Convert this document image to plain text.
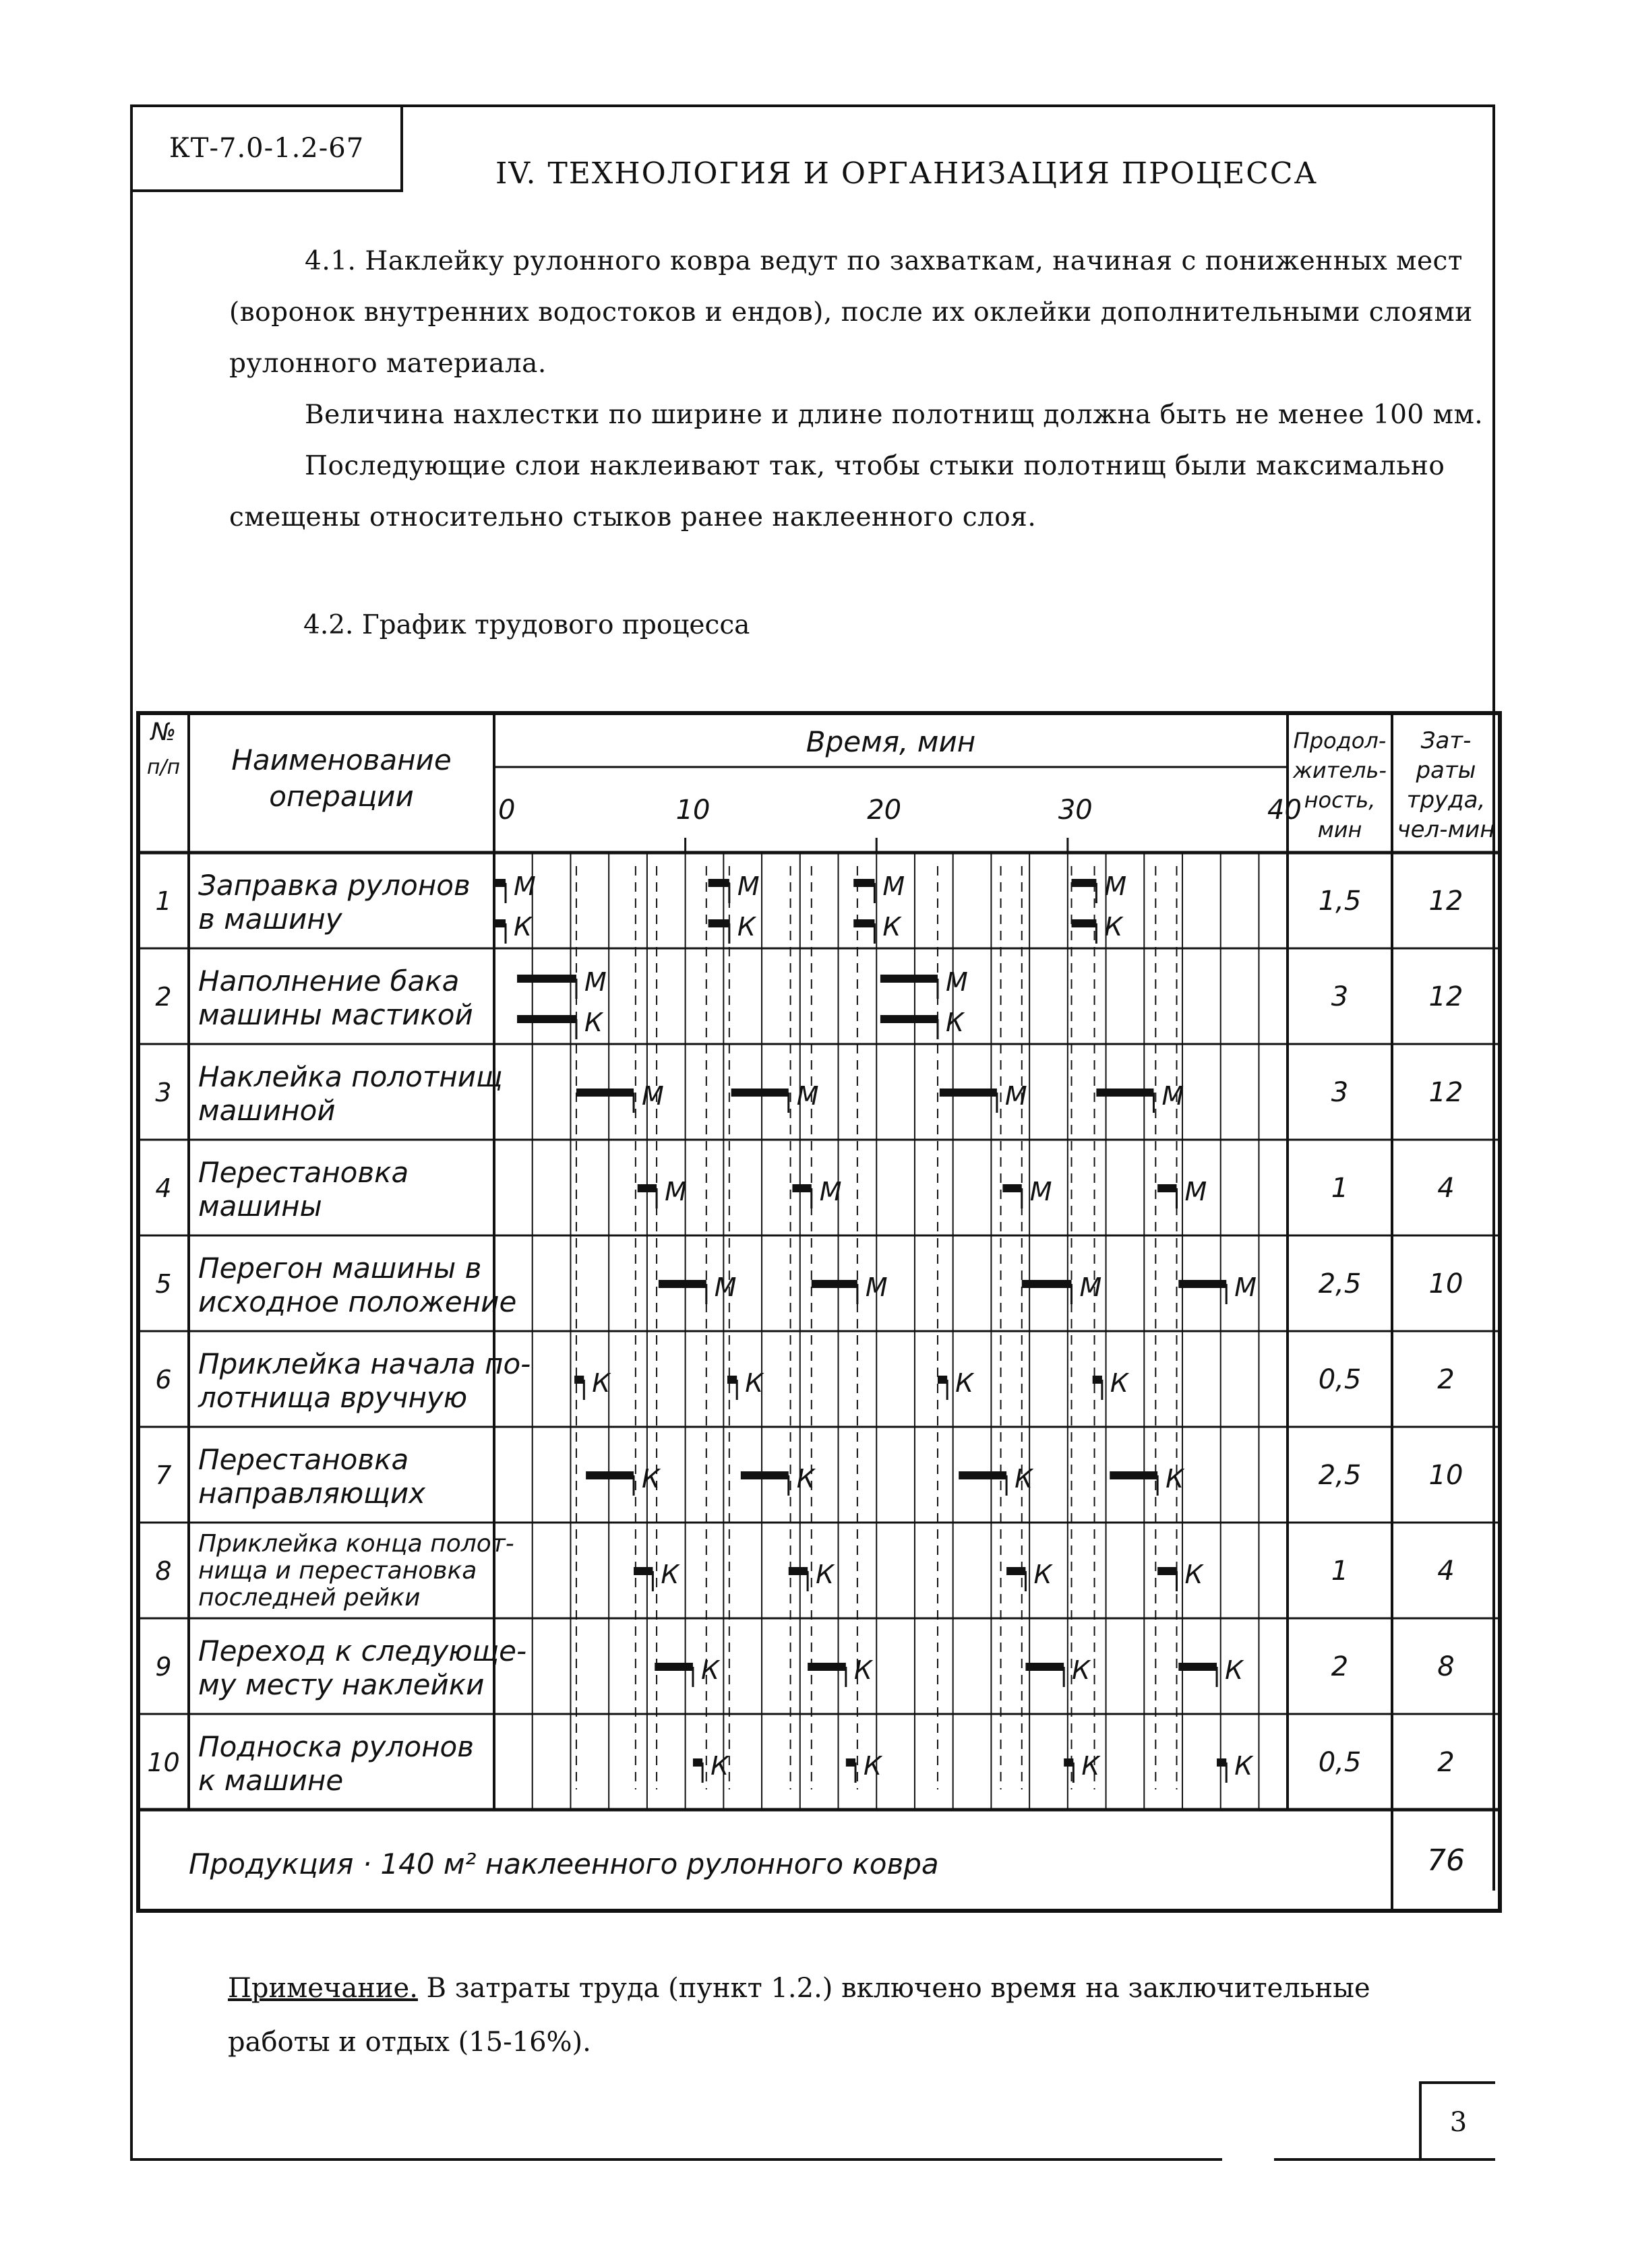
КТ-7.0-1.2-67
IV. ТЕХНОЛОГИЯ И ОРГАНИЗАЦИЯ ПРОЦЕССА
4.1. Наклейку рулонного ковра ведут по захваткам, начиная с пониженных мест
(воронок внутренних водостоков и ендов), после их оклейки дополнительными слоями
рулонного материала.
Величина нахлестки по ширине и длине полотнищ должна быть не менее 100 мм.
Последующие слои наклеивают так, чтобы стыки полотнищ были максимально
смещены относительно стыков ранее наклеенного слоя.
4.2. График трудового процесса
№
п/п Наименование
операции
Время, мин	Продол-
житель-
ность,
мин
Зат-
раты
труда,
чел-мин
0	10	20	30	40
1 Заправка рулонов
в машину
1,5	12
2 Наполнение бака
машины мастикой
3	12
3 Наклейка полотнищ
машиной
3	12
4 Перестановка
машины
1	4
5 Перегон машины в
исходное положение
2,5	10
6 Приклейка начала по-
лотнища вручную
0,5	2
7 Перестановка
направляющих
2,5	10
8
Приклейка конца полот-
нища и перестановка
последней рейки
1	4
9 Переход к следующе-
му месту наклейки
2	8
10 Подноска рулонов
к машине
0,5	2
Продукция · 140 м² наклеенного рулонного ковра	76
М
К
М
К
М
К
М
К
М
К
М
К
М	М	М	М
М	М	М	М
М	М	М	М
К	К	К	К
К	К	К	К
К	К	К	К
К	К	К	К
К	К	К	К
Примечание. В затраты труда (пункт 1.2.) включено время на заключительные
работы и отдых (15-16%).
3
